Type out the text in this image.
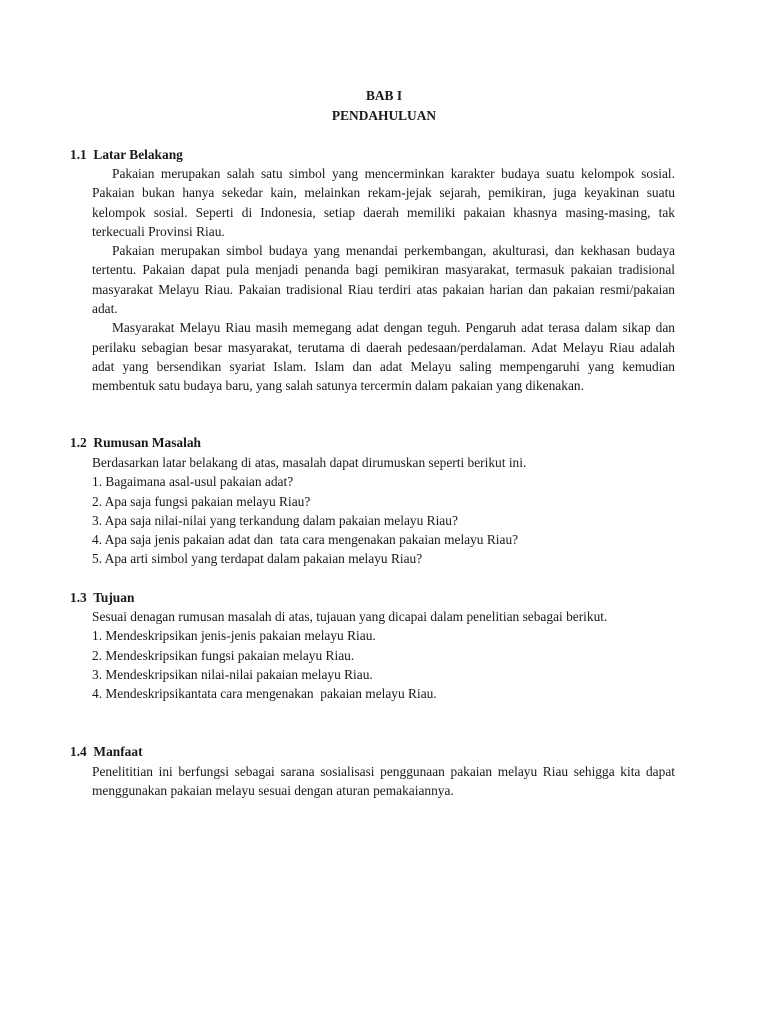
BAB I
PENDAHULUAN
1.1  Latar Belakang

Pakaian merupakan salah satu simbol yang mencerminkan karakter budaya suatu kelompok sosial. Pakaian bukan hanya sekedar kain, melainkan rekam-jejak sejarah, pemikiran, juga keyakinan suatu kelompok sosial. Seperti di Indonesia, setiap daerah memiliki pakaian khasnya masing-masing, tak terkecuali Provinsi Riau.

Pakaian merupakan simbol budaya yang menandai perkembangan, akulturasi, dan kekhasan budaya tertentu. Pakaian dapat pula menjadi penanda bagi pemikiran masyarakat, termasuk pakaian tradisional masyarakat Melayu Riau. Pakaian tradisional Riau terdiri atas pakaian harian dan pakaian resmi/pakaian adat.

Masyarakat Melayu Riau masih memegang adat dengan teguh. Pengaruh adat terasa dalam sikap dan perilaku sebagian besar masyarakat, terutama di daerah pedesaan/perdalaman. Adat Melayu Riau adalah adat yang bersendikan syariat Islam. Islam dan adat Melayu saling mempengaruhi yang kemudian membentuk satu budaya baru, yang salah satunya tercermin dalam pakaian yang dikenakan.

1.2  Rumusan Masalah

Berdasarkan latar belakang di atas, masalah dapat dirumuskan seperti berikut ini.

1. Bagaimana asal-usul pakaian adat?

2. Apa saja fungsi pakaian melayu Riau?

3. Apa saja nilai-nilai yang terkandung dalam pakaian melayu Riau?

4. Apa saja jenis pakaian adat dan  tata cara mengenakan pakaian melayu Riau?

5. Apa arti simbol yang terdapat dalam pakaian melayu Riau?

1.3  Tujuan

Sesuai denagan rumusan masalah di atas, tujauan yang dicapai dalam penelitian sebagai berikut.

1. Mendeskripsikan jenis-jenis pakaian melayu Riau.

2. Mendeskripsikan fungsi pakaian melayu Riau.

3. Mendeskripsikan nilai-nilai pakaian melayu Riau.

4. Mendeskripsikantata cara mengenakan  pakaian melayu Riau.

1.4  Manfaat

Penelititian ini berfungsi sebagai sarana sosialisasi penggunaan pakaian melayu Riau sehigga kita dapat menggunakan pakaian melayu sesuai dengan aturan pemakaiannya.
